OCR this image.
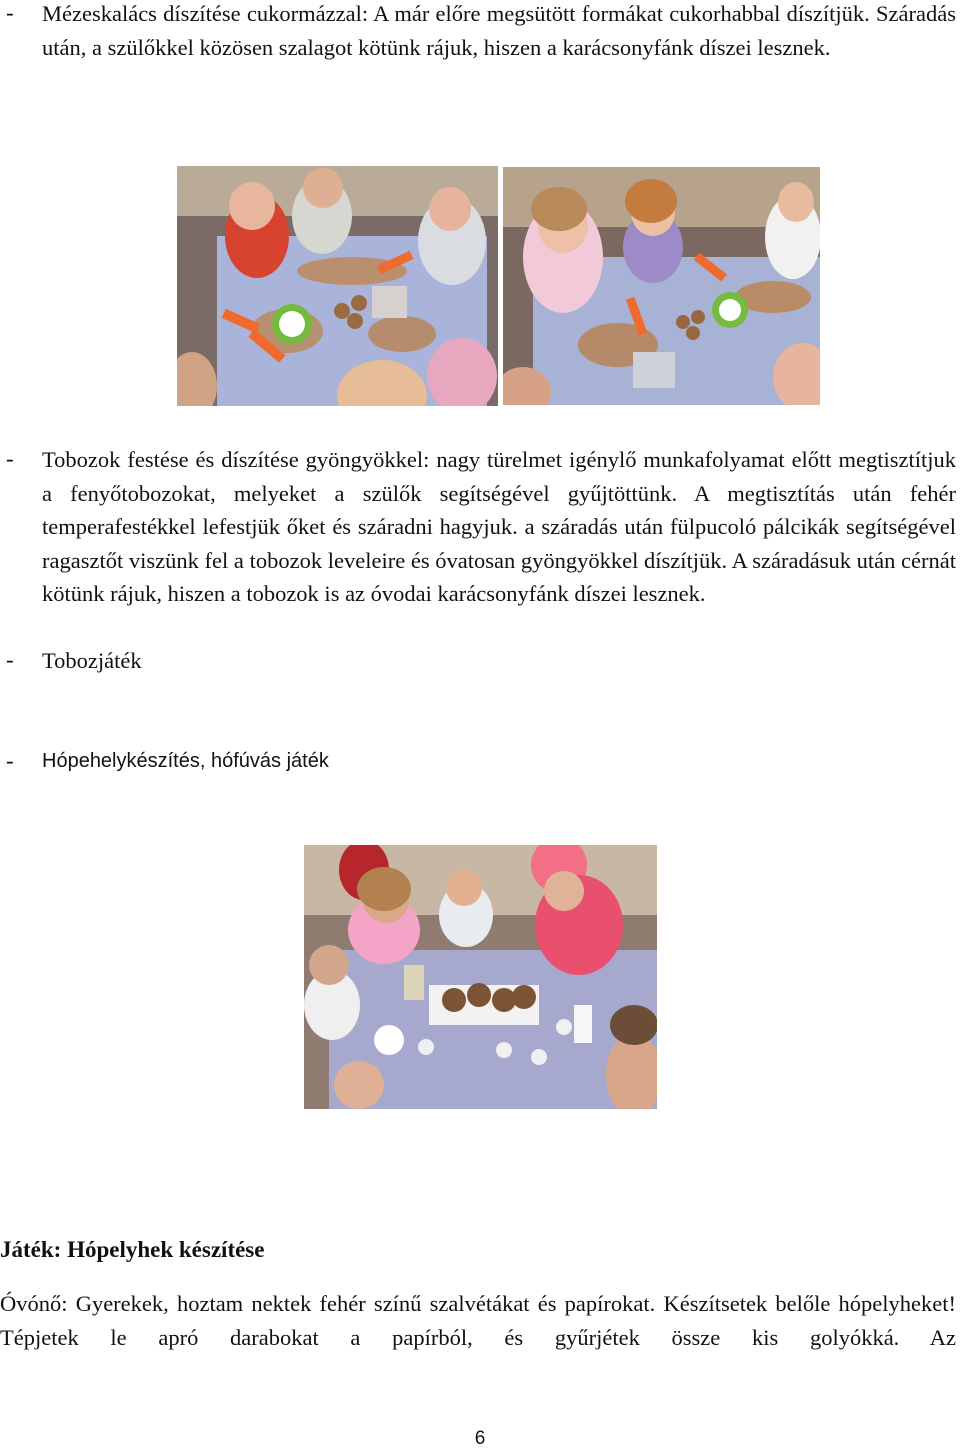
- Mézeskalács díszítése cukormázzal: A már előre megsütött formákat cukorhabbal díszítjük. Száradás után, a szülőkkel közösen szalagot kötünk rájuk, hiszen a karácsonyfánk díszei lesznek.
- Tobozok festése és díszítése gyöngyökkel: nagy türelmet igénylő munkafolyamat előtt megtisztítjuk a fenyőtobozokat, melyeket a szülők segítségével gyűjtöttünk. A megtisztítás után fehér temperafestékkel lefestjük őket és száradni hagyjuk. a száradás után fülpucoló pálcikák segítségével ragasztőt viszünk fel a tobozok leveleire és óvatosan gyöngyökkel díszítjük. A száradásuk után cérnát kötünk rájuk, hiszen a tobozok is az óvodai karácsonyfánk díszei lesznek.
- Tobozjáték
- Hópehelykészítés, hófúvás játék
Játék: Hópelyhek készítése
Óvónő: Gyerekek, hoztam nektek fehér színű szalvétákat és papírokat. Készítsetek belőle hópelyheket! Tépjetek le apró darabokat a papírból, és gyűrjétek össze kis golyókká. Az
6
